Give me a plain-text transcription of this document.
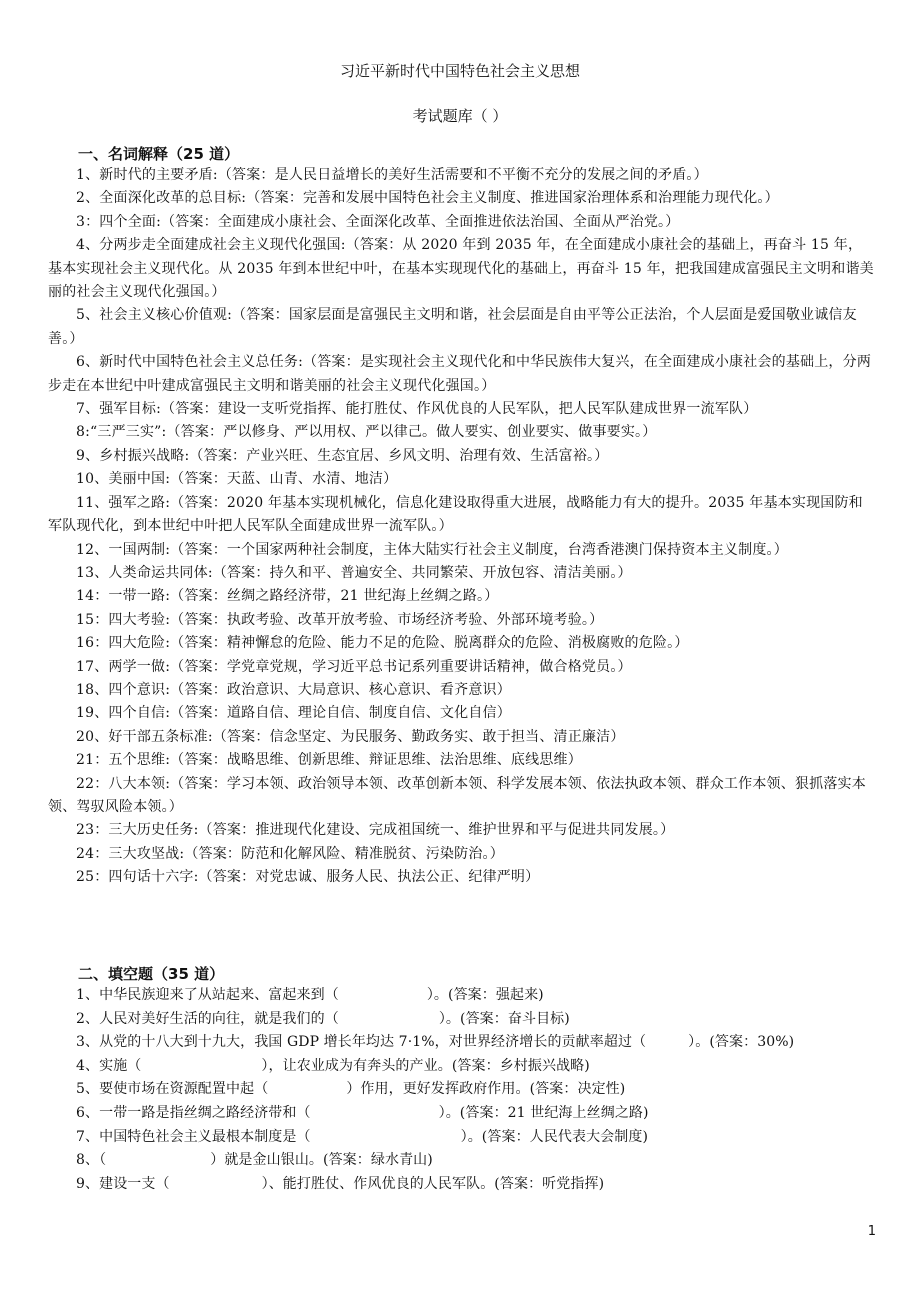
习近平新时代中国特色社会主义思想
考试题库（ ）
一、名词解释（25 道）

1、新时代的主要矛盾:（答案：是人民日益增长的美好生活需要和不平衡不充分的发展之间的矛盾。）

2、全面深化改革的总目标:（答案：完善和发展中国特色社会主义制度、推进国家治理体系和治理能力现代化。）

3：四个全面:（答案：全面建成小康社会、全面深化改革、全面推进依法治国、全面从严治党。）

4、分两步走全面建成社会主义现代化强国:（答案：从 2020 年到 2035 年，在全面建成小康社会的基础上，再奋斗 15 年，基本实现社会主义现代化。从 2035 年到本世纪中叶，在基本实现现代化的基础上，再奋斗 15 年，把我国建成富强民主文明和谐美丽的社会主义现代化强国。）

5、社会主义核心价值观:（答案：国家层面是富强民主文明和谐，社会层面是自由平等公正法治，个人层面是爱国敬业诚信友善。）

6、新时代中国特色社会主义总任务:（答案：是实现社会主义现代化和中华民族伟大复兴，在全面建成小康社会的基础上，分两步走在本世纪中叶建成富强民主文明和谐美丽的社会主义现代化强国。）

7、强军目标:（答案：建设一支听党指挥、能打胜仗、作风优良的人民军队，把人民军队建成世界一流军队）

8:“三严三实”:（答案：严以修身、严以用权、严以律己。做人要实、创业要实、做事要实。）

9、乡村振兴战略:（答案：产业兴旺、生态宜居、乡风文明、治理有效、生活富裕。）

10、美丽中国:（答案：天蓝、山青、水清、地洁）

11、强军之路:（答案：2020 年基本实现机械化，信息化建设取得重大进展，战略能力有大的提升。2035 年基本实现国防和军队现代化，到本世纪中叶把人民军队全面建成世界一流军队。）

12、一国两制:（答案：一个国家两种社会制度，主体大陆实行社会主义制度，台湾香港澳门保持资本主义制度。）

13、人类命运共同体:（答案：持久和平、普遍安全、共同繁荣、开放包容、清洁美丽。）

14：一带一路:（答案：丝绸之路经济带，21 世纪海上丝绸之路。）

15：四大考验:（答案：执政考验、改革开放考验、市场经济考验、外部环境考验。）

16：四大危险:（答案：精神懈怠的危险、能力不足的危险、脱离群众的危险、消极腐败的危险。）

17、两学一做:（答案：学党章党规，学习近平总书记系列重要讲话精神，做合格党员。）

18、四个意识:（答案：政治意识、大局意识、核心意识、看齐意识）

19、四个自信:（答案：道路自信、理论自信、制度自信、文化自信）

20、好干部五条标准:（答案：信念坚定、为民服务、勤政务实、敢于担当、清正廉洁）

21：五个思维:（答案：战略思维、创新思维、辩证思维、法治思维、底线思维）

22：八大本领:（答案：学习本领、政治领导本领、改革创新本领、科学发展本领、依法执政本领、群众工作本领、狠抓落实本领、驾驭风险本领。）

23：三大历史任务:（答案：推进现代化建设、完成祖国统一、维护世界和平与促进共同发展。）

24：三大攻坚战:（答案：防范和化解风险、精准脱贫、污染防治。）

25：四句话十六字:（答案：对党忠诚、服务人民、执法公正、纪律严明）

二、填空题（35 道）

1、中华民族迎来了从站起来、富起来到（	）。(答案：强起来)

2、人民对美好生活的向往，就是我们的（	）。(答案：奋斗目标)

3、从党的十八大到十九大，我国 GDP 增长年均达 7·1%，对世界经济增长的贡献率超过（	）。(答案：30%)

4、实施（	），让农业成为有奔头的产业。(答案：乡村振兴战略)

5、要使市场在资源配置中起（	）作用，更好发挥政府作用。(答案：决定性)

6、一带一路是指丝绸之路经济带和（	）。(答案：21 世纪海上丝绸之路)

7、中国特色社会主义最根本制度是（	）。(答案：人民代表大会制度)

8、（	）就是金山银山。(答案：绿水青山)

9、建设一支（	）、能打胜仗、作风优良的人民军队。(答案：听党指挥)

1
